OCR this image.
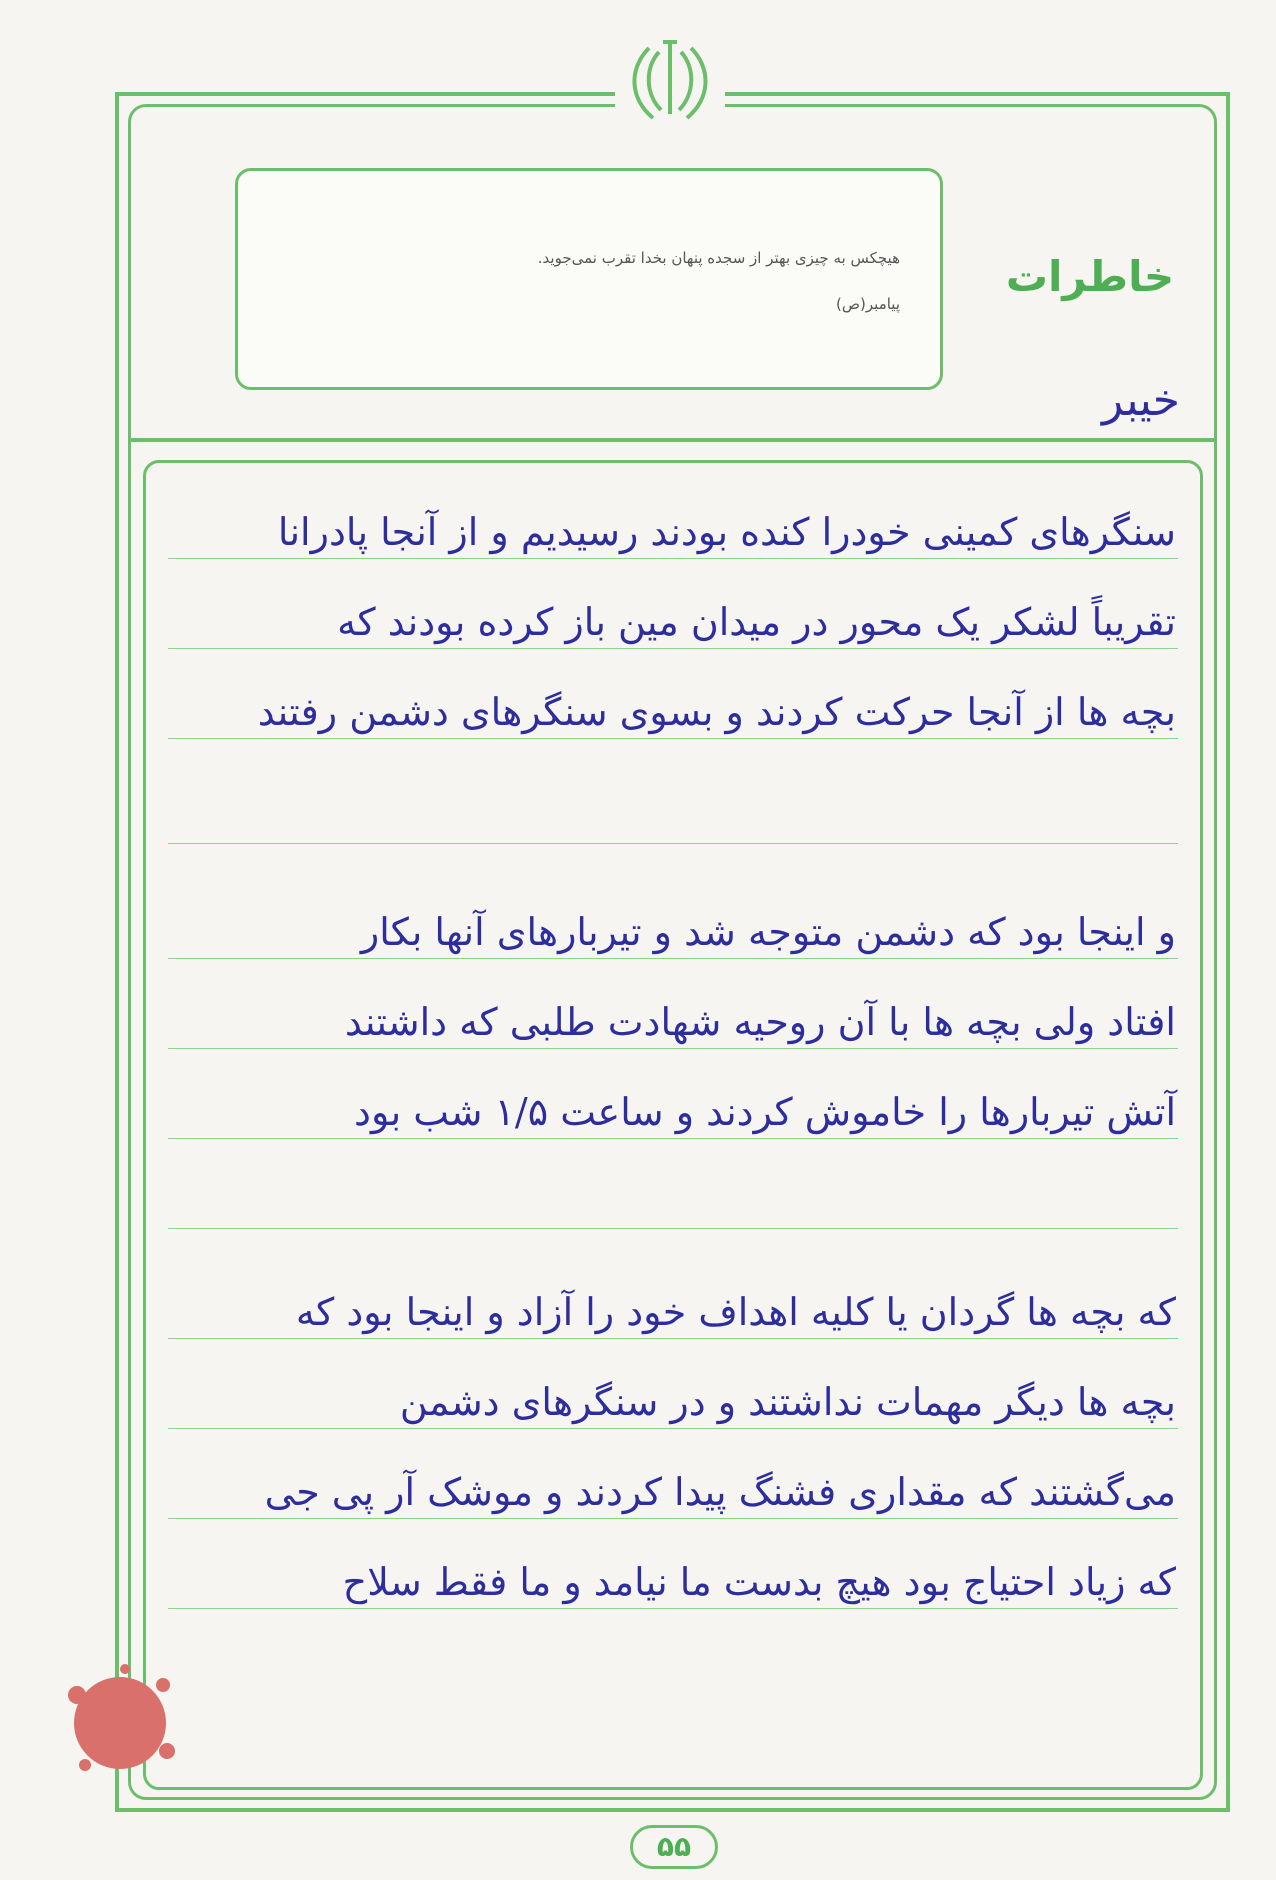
هیچکس به چیزی بهتر از سجده پنهان بخدا تقرب نمی‌جوید.
پیامبر(ص)
خاطرات
خیبر
سنگرهای کمینی خودرا کنده بودند رسیدیم و از آنجا پادرانا
تقریباً لشکر یک محور در میدان مین باز کرده بودند که
بچه ها از آنجا حرکت کردند و بسوی سنگرهای دشمن رفتند
و اینجا بود که دشمن متوجه شد و تیربارهای آنها بکار
افتاد ولی بچه ها با آن روحیه شهادت طلبی که داشتند
آتش تیربارها را خاموش کردند و ساعت ۱/۵ شب بود
که بچه ها گردان یا کلیه اهداف خود را آزاد و اینجا بود که
بچه ها دیگر مهمات نداشتند و در سنگرهای دشمن
می‌گشتند که مقداری فشنگ پیدا کردند و موشک آر پی جی
که زیاد احتیاج بود هیچ بدست ما نیامد و ما فقط سلاح
۵۵
